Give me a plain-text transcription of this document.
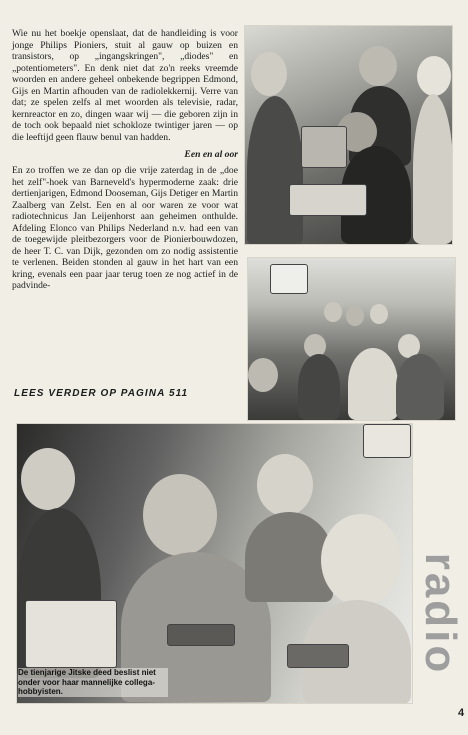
Wie nu het boekje openslaat, dat de handleiding is voor jonge Philips Pioniers, stuit al gauw op buizen en transistors, op „ingangskringen", „diodes" en „potentiometers". En denk niet dat zo'n reeks vreemde woorden en andere geheel onbekende begrippen Edmond, Gijs en Martin afhouden van de radiolekkernij. Verre van dat; ze spelen zelfs al met woorden als televisie, radar, kernreactor en zo, dingen waar wij — die geboren zijn in de toch ook bepaald niet schokloze twintiger jaren — op die leeftijd geen flauw benul van hadden.

Een en al oor

En zo troffen we ze dan op die vrije zaterdag in de „doe het zelf"-hoek van Barneveld's hypermoderne zaak: drie dertienjarigen, Edmond Dooseman, Gijs Detiger en Martin Zaalberg van Zelst. Een en al oor waren ze voor wat radiotechnicus Jan Leijenhorst aan geheimen onthulde. Afdeling Elonco van Philips Nederland n.v. had een van de toegewijde pleitbezorgers voor de Pionierbouwdozen, de heer T. C. van Dijk, gezonden om zo nodig assistentie te verlenen. Beiden stonden al gauw in het hart van een kring, evenals een paar jaar terug toen ze nog actief in de padvinde-

LEES VERDER OP PAGINA 511
De tienjarige Jitske deed beslist niet onder voor haar mannelijke collega-hobbyisten.
radio
4
